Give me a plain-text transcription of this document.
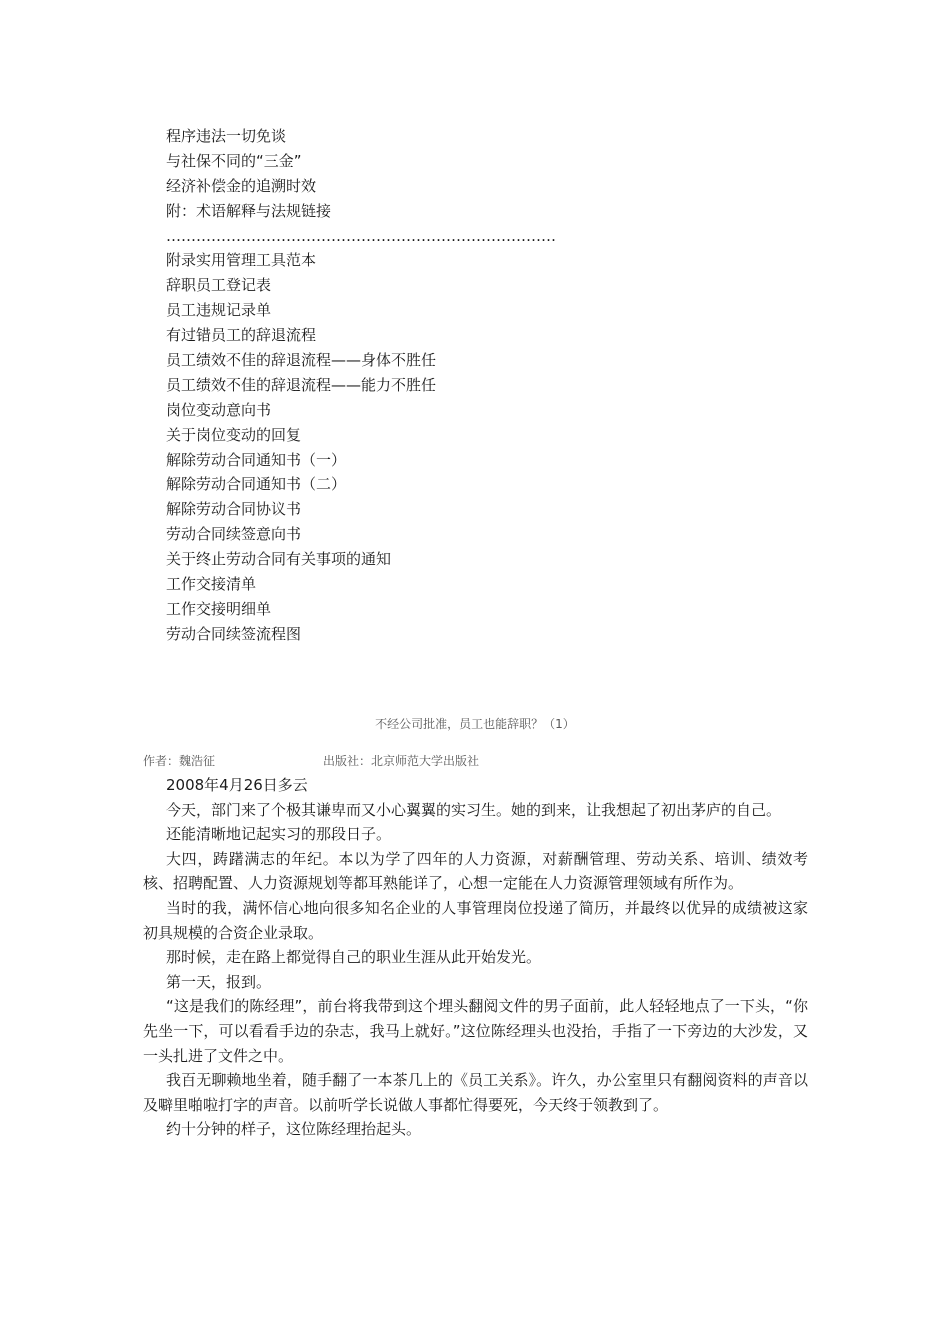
程序违法一切免谈
与社保不同的“三金”
经济补偿金的追溯时效
附：术语解释与法规链接
……………………………………………………………………
附录实用管理工具范本
辞职员工登记表
员工违规记录单
有过错员工的辞退流程
员工绩效不佳的辞退流程——身体不胜任
员工绩效不佳的辞退流程——能力不胜任
岗位变动意向书
关于岗位变动的回复
解除劳动合同通知书（一）
解除劳动合同通知书（二）
解除劳动合同协议书
劳动合同续签意向书
关于终止劳动合同有关事项的通知
工作交接清单
工作交接明细单
劳动合同续签流程图
不经公司批准，员工也能辞职？（1）
作者：魏浩征	出版社：北京师范大学出版社
2008年4月26日多云

今天，部门来了个极其谦卑而又小心翼翼的实习生。她的到来，让我想起了初出茅庐的自己。

还能清晰地记起实习的那段日子。

大四，踌躇满志的年纪。本以为学了四年的人力资源，对薪酬管理、劳动关系、培训、绩效考核、招聘配置、人力资源规划等都耳熟能详了，心想一定能在人力资源管理领域有所作为。

当时的我，满怀信心地向很多知名企业的人事管理岗位投递了简历，并最终以优异的成绩被这家初具规模的合资企业录取。

那时候，走在路上都觉得自己的职业生涯从此开始发光。

第一天，报到。

“这是我们的陈经理”，前台将我带到这个埋头翻阅文件的男子面前，此人轻轻地点了一下头，“你先坐一下，可以看看手边的杂志，我马上就好。”这位陈经理头也没抬，手指了一下旁边的大沙发，又一头扎进了文件之中。

我百无聊赖地坐着，随手翻了一本茶几上的《员工关系》。许久，办公室里只有翻阅资料的声音以及噼里啪啦打字的声音。以前听学长说做人事都忙得要死，今天终于领教到了。

约十分钟的样子，这位陈经理抬起头。
